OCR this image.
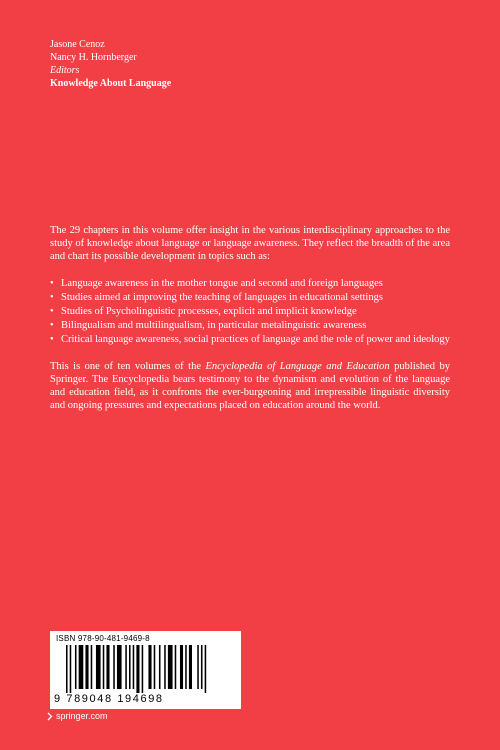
Jasone Cenoz
Nancy H. Hornberger
Editors
Knowledge About Language

The 29 chapters in this volume offer insight in the various interdisciplinary approaches to the study of knowledge about language or language awareness. They reflect the breadth of the area and chart its possible development in topics such as:

• Language awareness in the mother tongue and second and foreign languages
• Studies aimed at improving the teaching of languages in educational settings
• Studies of Psycholinguistic processes, explicit and implicit knowledge
• Bilingualism and multilingualism, in particular metalinguistic awareness
• Critical language awareness, social practices of language and the role of power and ideology

This is one of ten volumes of the Encyclopedia of Language and Education published by Springer. The Encyclopedia bears testimony to the dynamism and evolution of the language and education field, as it confronts the ever-burgeoning and irrepressible linguistic diversity and ongoing pressures and expectations placed on education around the world.

ISBN 978-90-481-9469-8
9 789048 194698
springer.com
